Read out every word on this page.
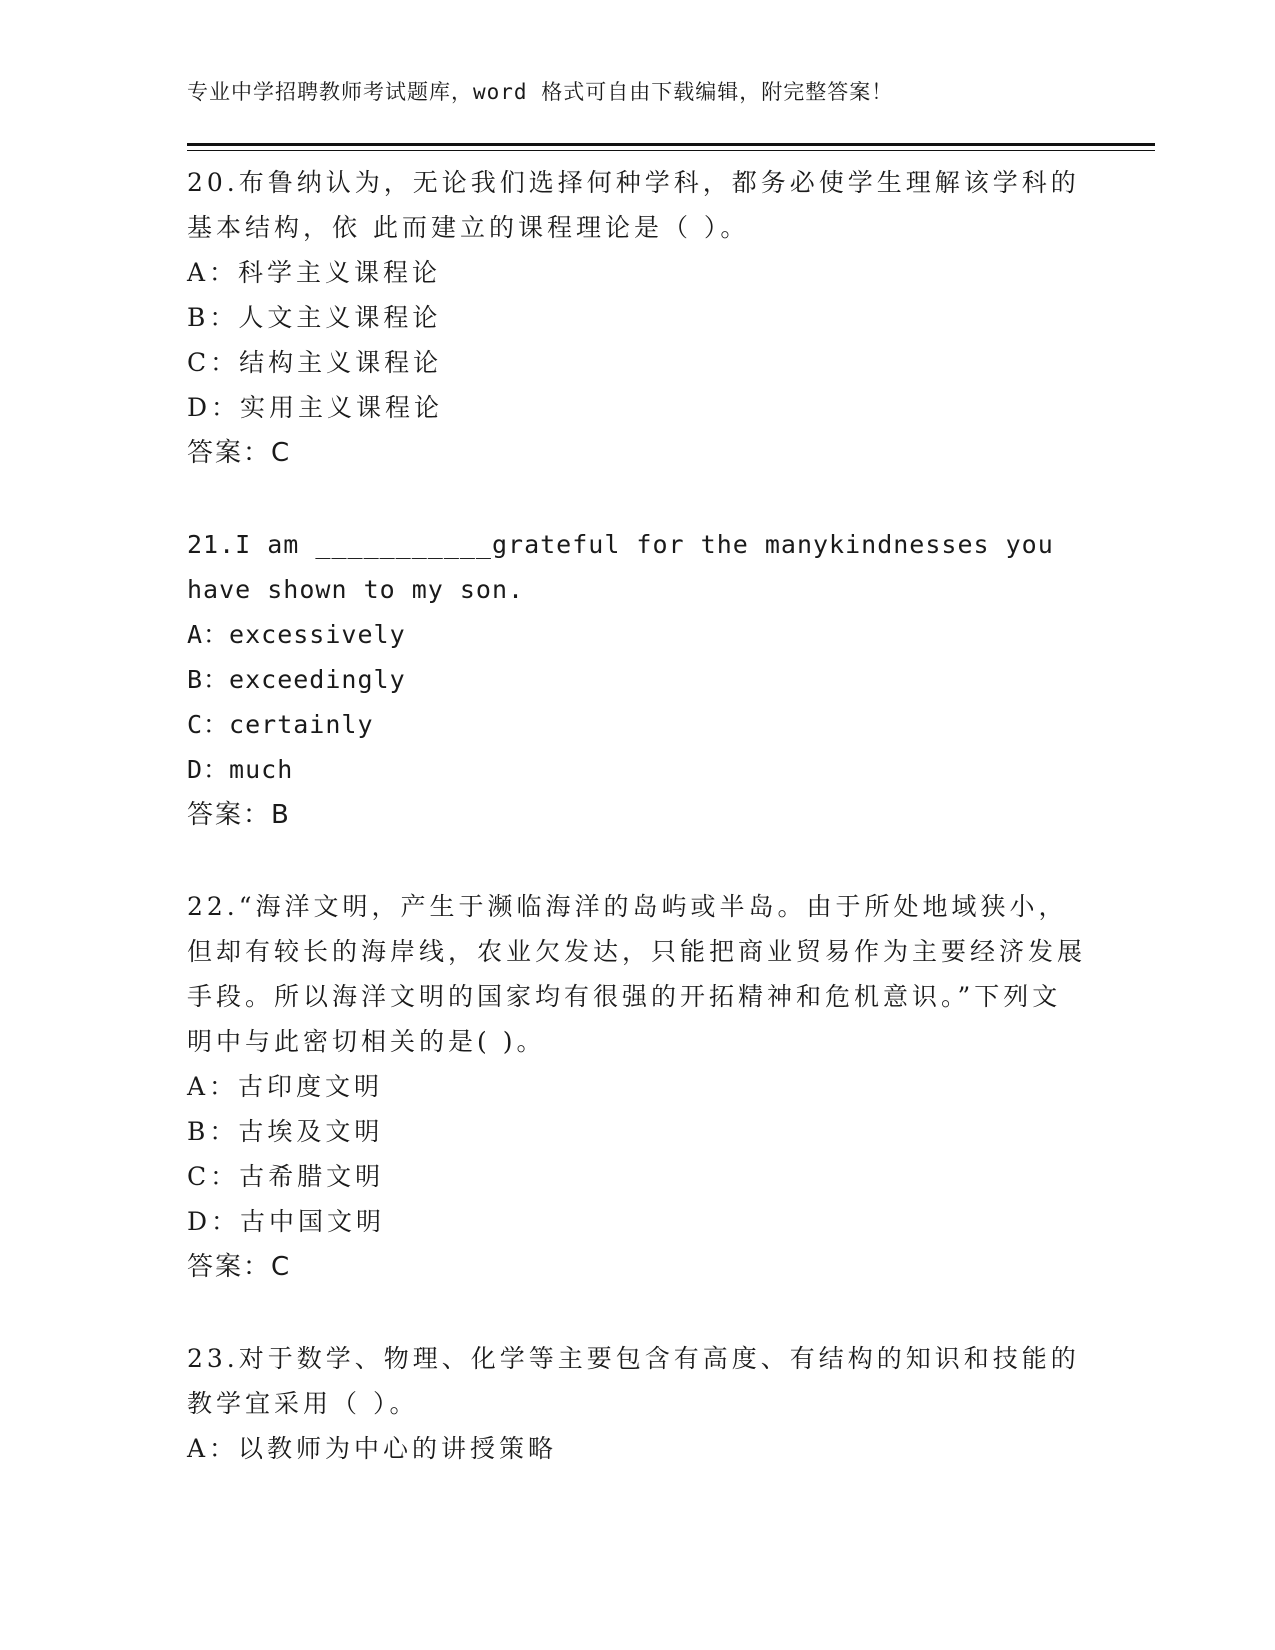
专业中学招聘教师考试题库，word 格式可自由下载编辑，附完整答案！

20.布鲁纳认为，无论我们选择何种学科，都务必使学生理解该学科的基本结构，依 此而建立的课程理论是（ ）。

A：科学主义课程论
B：人文主义课程论
C：结构主义课程论
D：实用主义课程论
答案：C

21.I am ___________grateful for the manykindnesses you have shown to my son.

A：excessively
B：exceedingly
C：certainly
D：much
答案：B

22.“海洋文明，产生于濒临海洋的岛屿或半岛。由于所处地域狭小，但却有较长的海岸线，农业欠发达，只能把商业贸易作为主要经济发展手段。所以海洋文明的国家均有很强的开拓精神和危机意识。”下列文明中与此密切相关的是( )。

A：古印度文明
B：古埃及文明
C：古希腊文明
D：古中国文明
答案：C

23.对于数学、物理、化学等主要包含有高度、有结构的知识和技能的教学宜采用（ ）。

A：以教师为中心的讲授策略
